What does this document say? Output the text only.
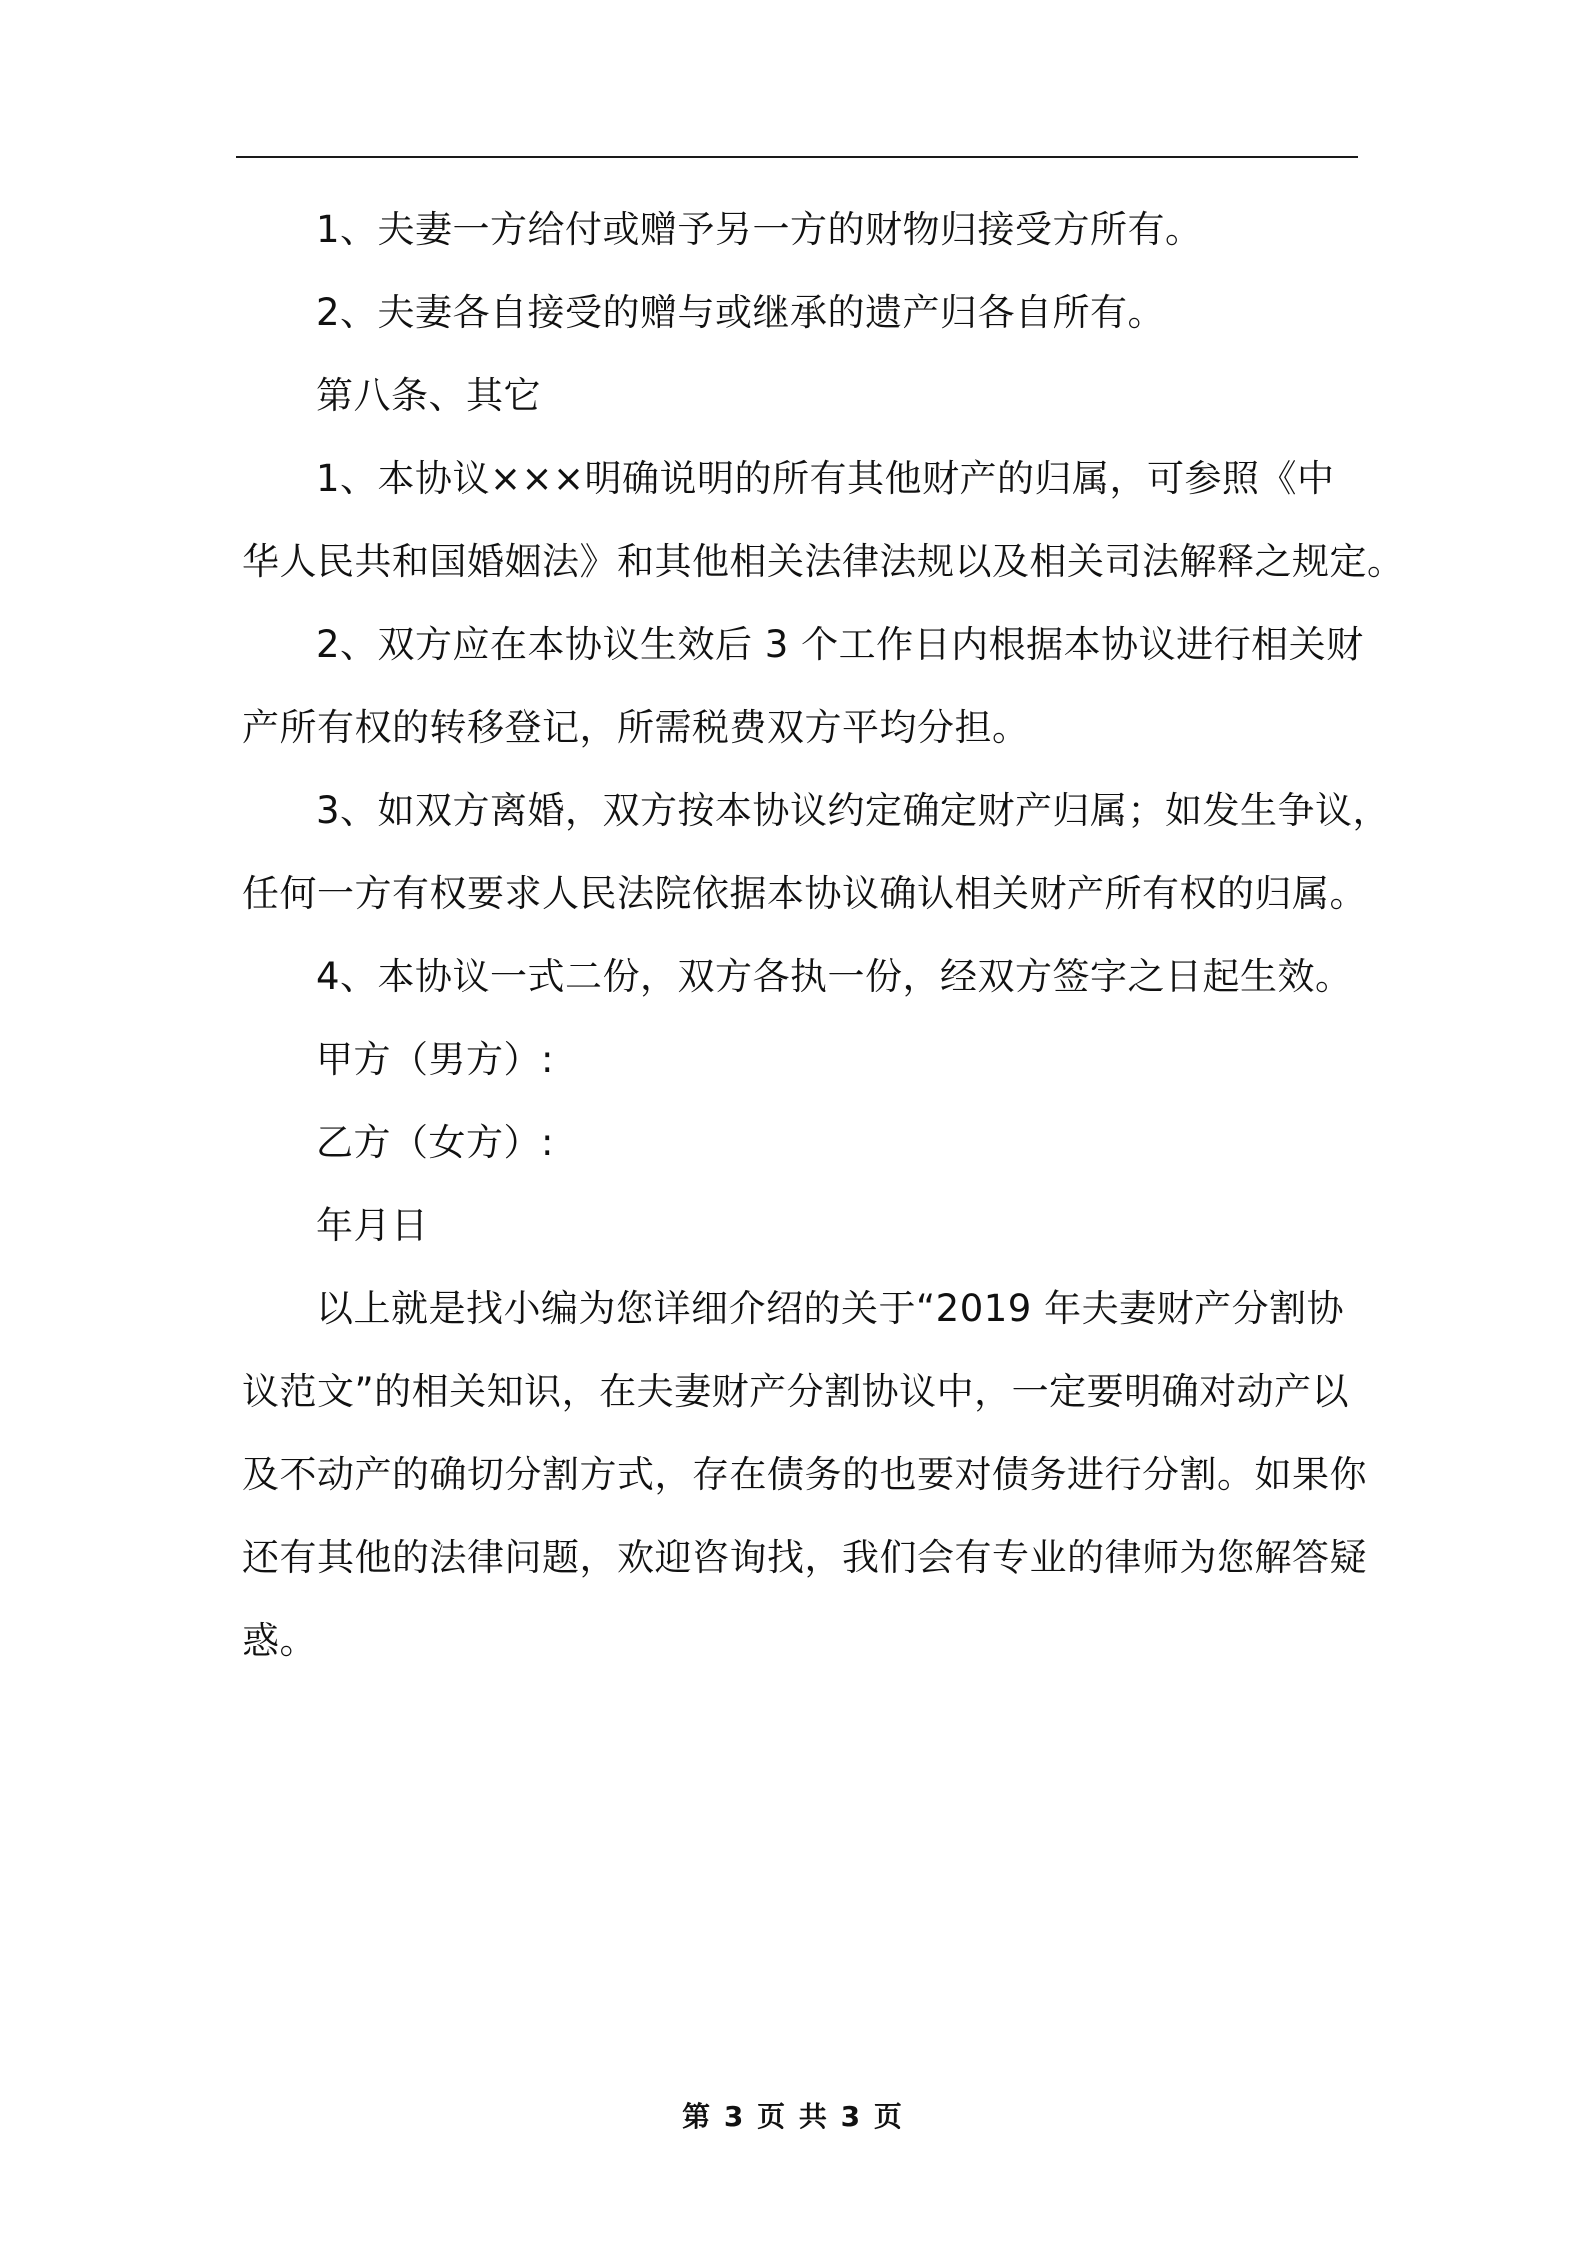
1、夫妻一方给付或赠予另一方的财物归接受方所有。

2、夫妻各自接受的赠与或继承的遗产归各自所有。

第八条、其它

1、本协议×××明确说明的所有其他财产的归属，可参照《中

华人民共和国婚姻法》和其他相关法律法规以及相关司法解释之规定。

2、双方应在本协议生效后 3 个工作日内根据本协议进行相关财

产所有权的转移登记，所需税费双方平均分担。

3、如双方离婚，双方按本协议约定确定财产归属；如发生争议，

任何一方有权要求人民法院依据本协议确认相关财产所有权的归属。

4、本协议一式二份，双方各执一份，经双方签字之日起生效。

甲方（男方）:

乙方（女方）:

年月日

以上就是找小编为您详细介绍的关于“2019 年夫妻财产分割协

议范文”的相关知识，在夫妻财产分割协议中，一定要明确对动产以

及不动产的确切分割方式，存在债务的也要对债务进行分割。如果你

还有其他的法律问题，欢迎咨询找，我们会有专业的律师为您解答疑

惑。

第 3 页 共 3 页
